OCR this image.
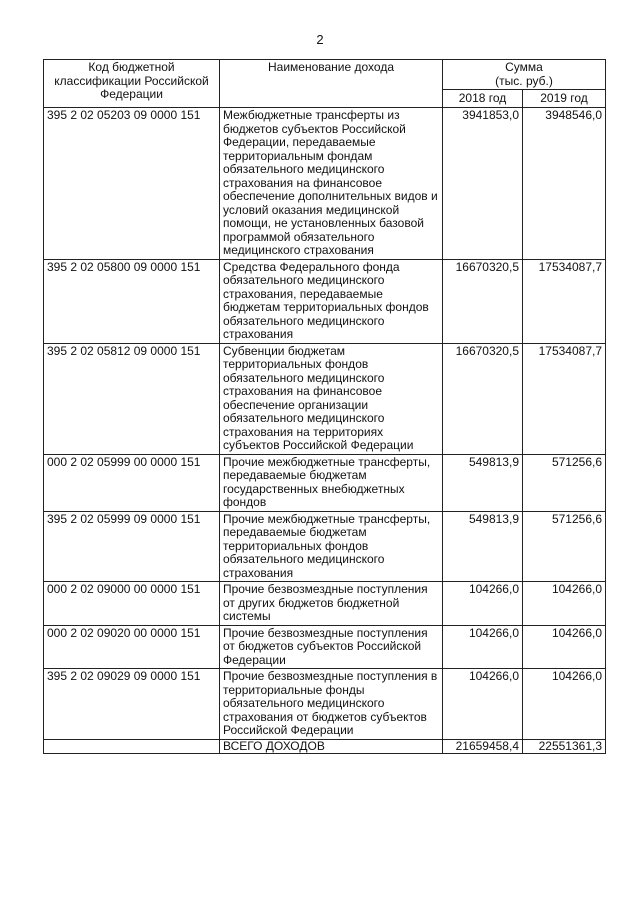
2
Код бюджетной классификации Российской Федерации	Наименование дохода	Сумма
(тыс. руб.)	
		2018 год	2019 год
395 2 02 05203 09 0000 151	Межбюджетные трансферты из бюджетов субъектов Российской Федерации, передаваемые территориальным фондам обязательного медицинского страхования на финансовое обеспечение дополнительных видов и условий оказания медицинской помощи, не установленных базовой программой обязательного медицинского страхования	3941853,0	3948546,0
395 2 02 05800 09 0000 151	Средства Федерального фонда обязательного медицинского страхования, передаваемые бюджетам территориальных фондов обязательного медицинского страхования	16670320,5	17534087,7
395 2 02 05812 09 0000 151	Субвенции бюджетам территориальных фондов обязательного медицинского страхования на финансовое обеспечение организации обязательного медицинского страхования на территориях субъектов Российской Федерации	16670320,5	17534087,7
000 2 02 05999 00 0000 151	Прочие межбюджетные трансферты, передаваемые бюджетам государственных внебюджетных фондов	549813,9	571256,6
395 2 02 05999 09 0000 151	Прочие межбюджетные трансферты, передаваемые бюджетам территориальных фондов обязательного медицинского страхования	549813,9	571256,6
000 2 02 09000 00 0000 151	Прочие безвозмездные поступления от других бюджетов бюджетной системы	104266,0	104266,0
000 2 02 09020 00 0000 151	Прочие безвозмездные поступления от бюджетов субъектов Российской Федерации	104266,0	104266,0
395 2 02 09029 09 0000 151	Прочие безвозмездные поступления в территориальные фонды обязательного медицинского страхования от бюджетов субъектов Российской Федерации	104266,0	104266,0
	ВСЕГО ДОХОДОВ	21659458,4	22551361,3
